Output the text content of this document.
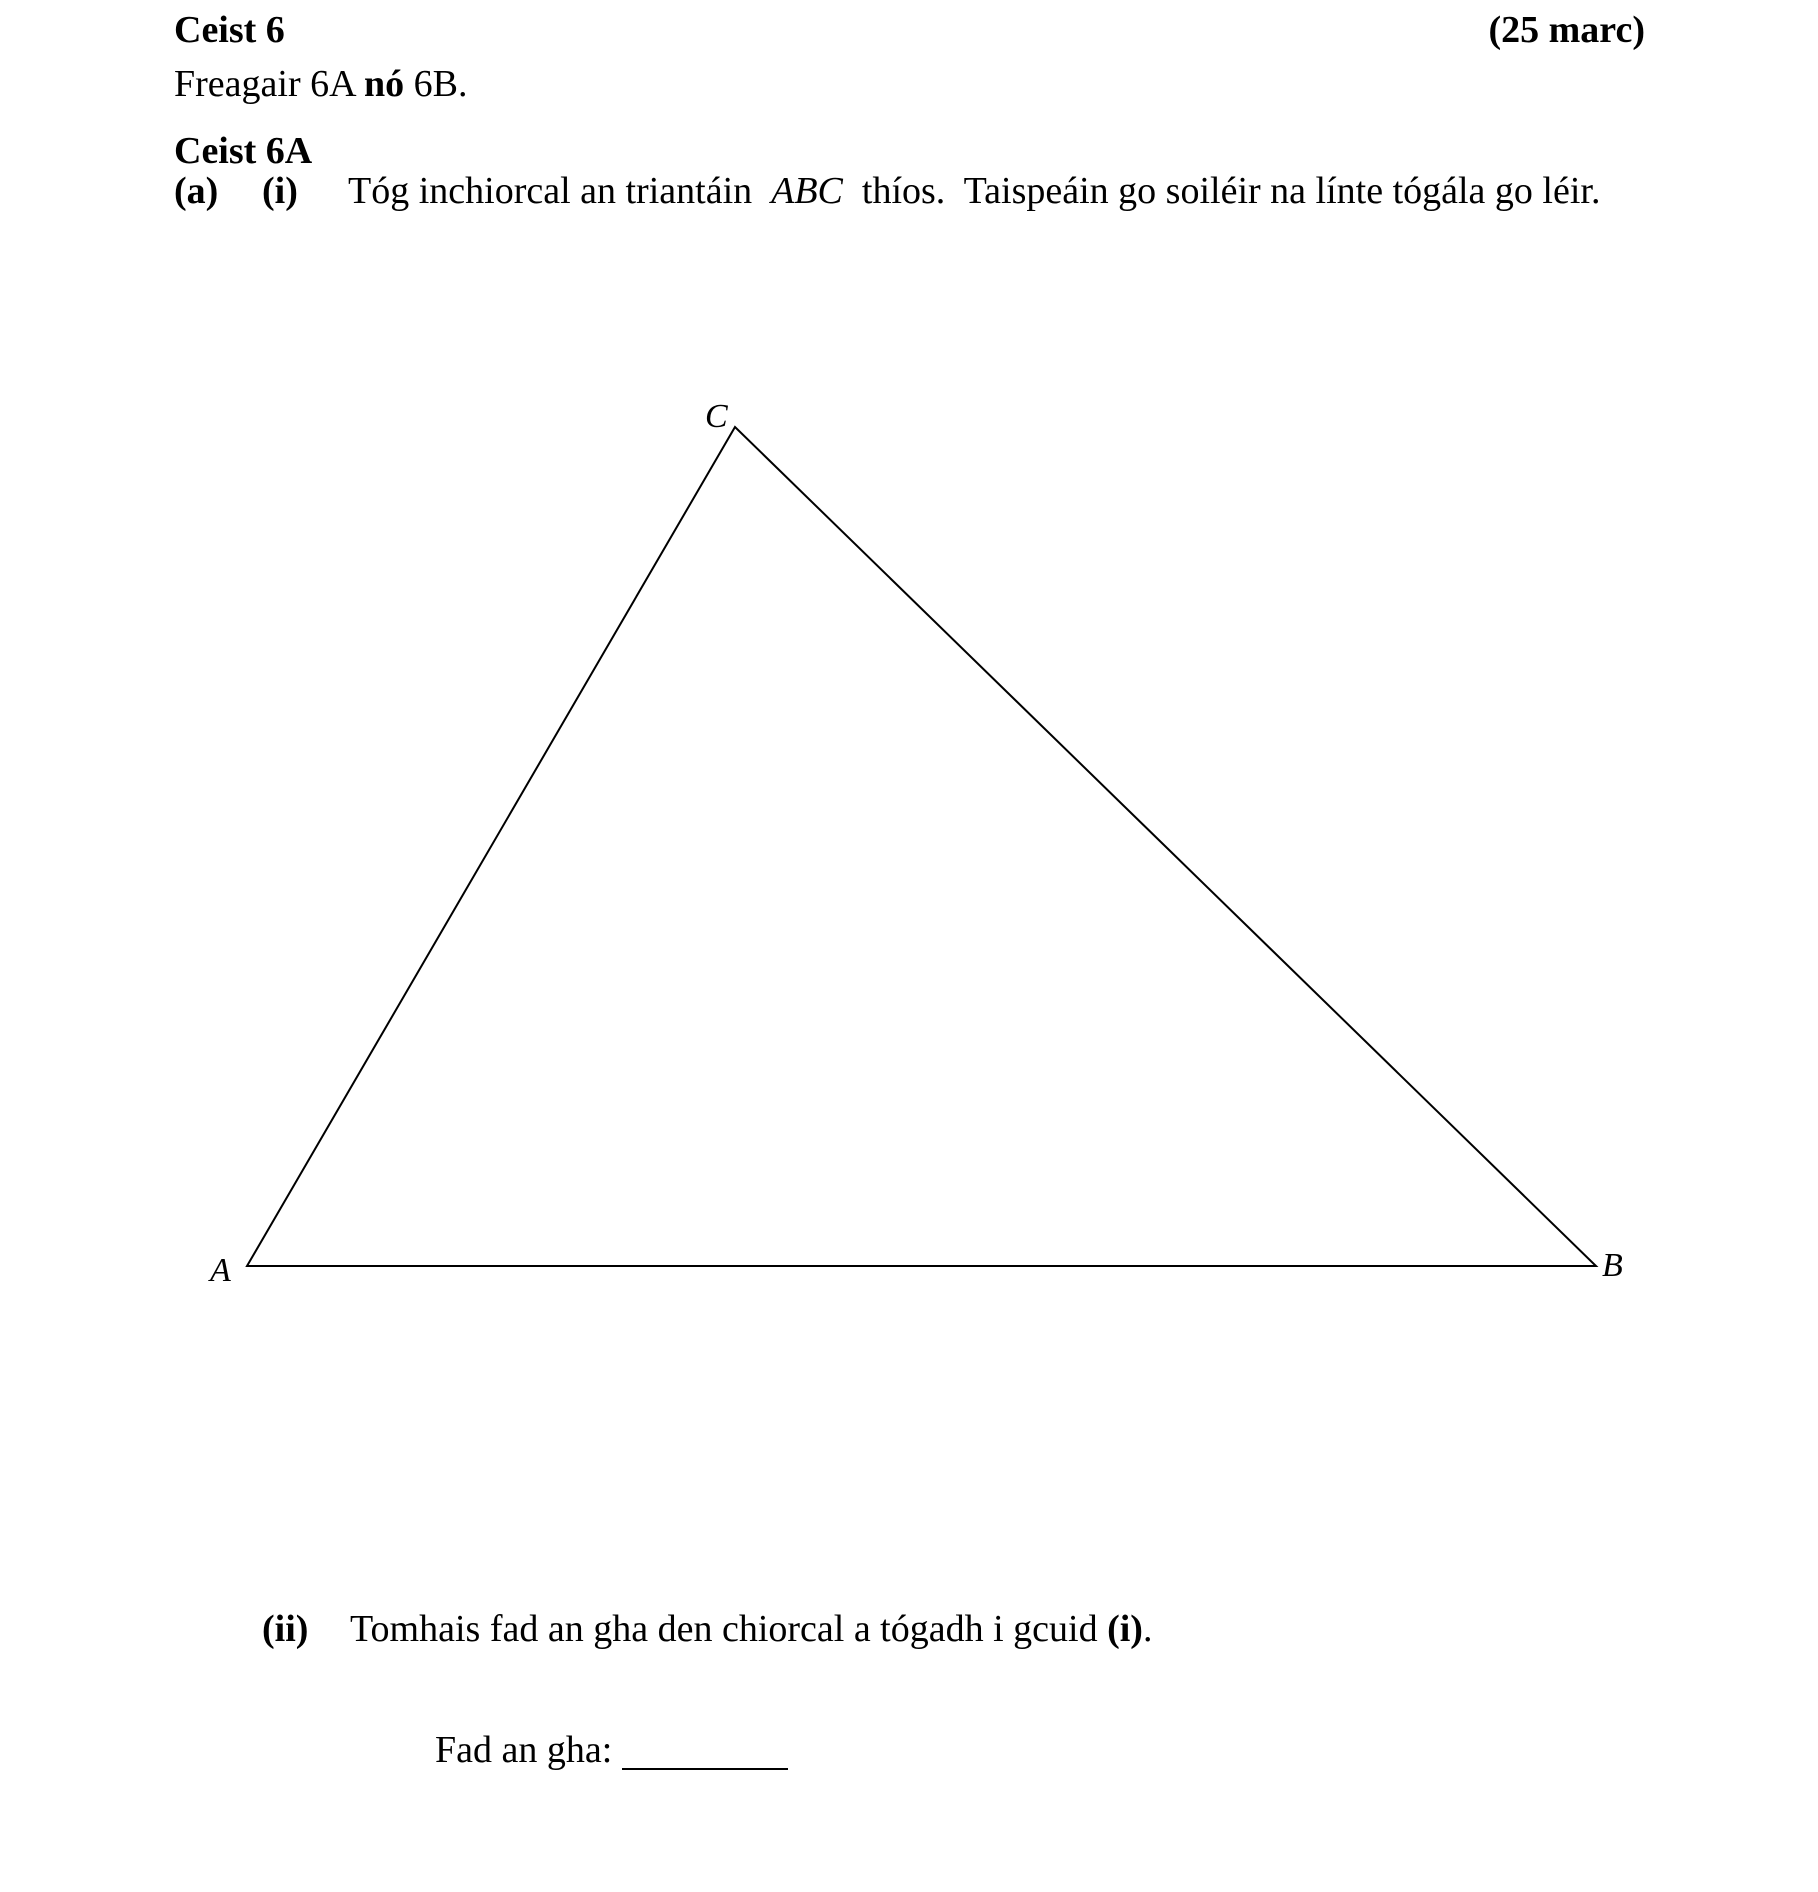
Ceist 6	(25 marc)
Freagair 6A nó 6B.
Ceist 6A
(a) (i) Tóg inchiorcal an triantáin  ABC  thíos.  Taispeáin go soiléir na línte tógála go léir.
C
A	B
(ii) Tomhais fad an gha den chiorcal a tógadh i gcuid (i).
Fad an gha:
